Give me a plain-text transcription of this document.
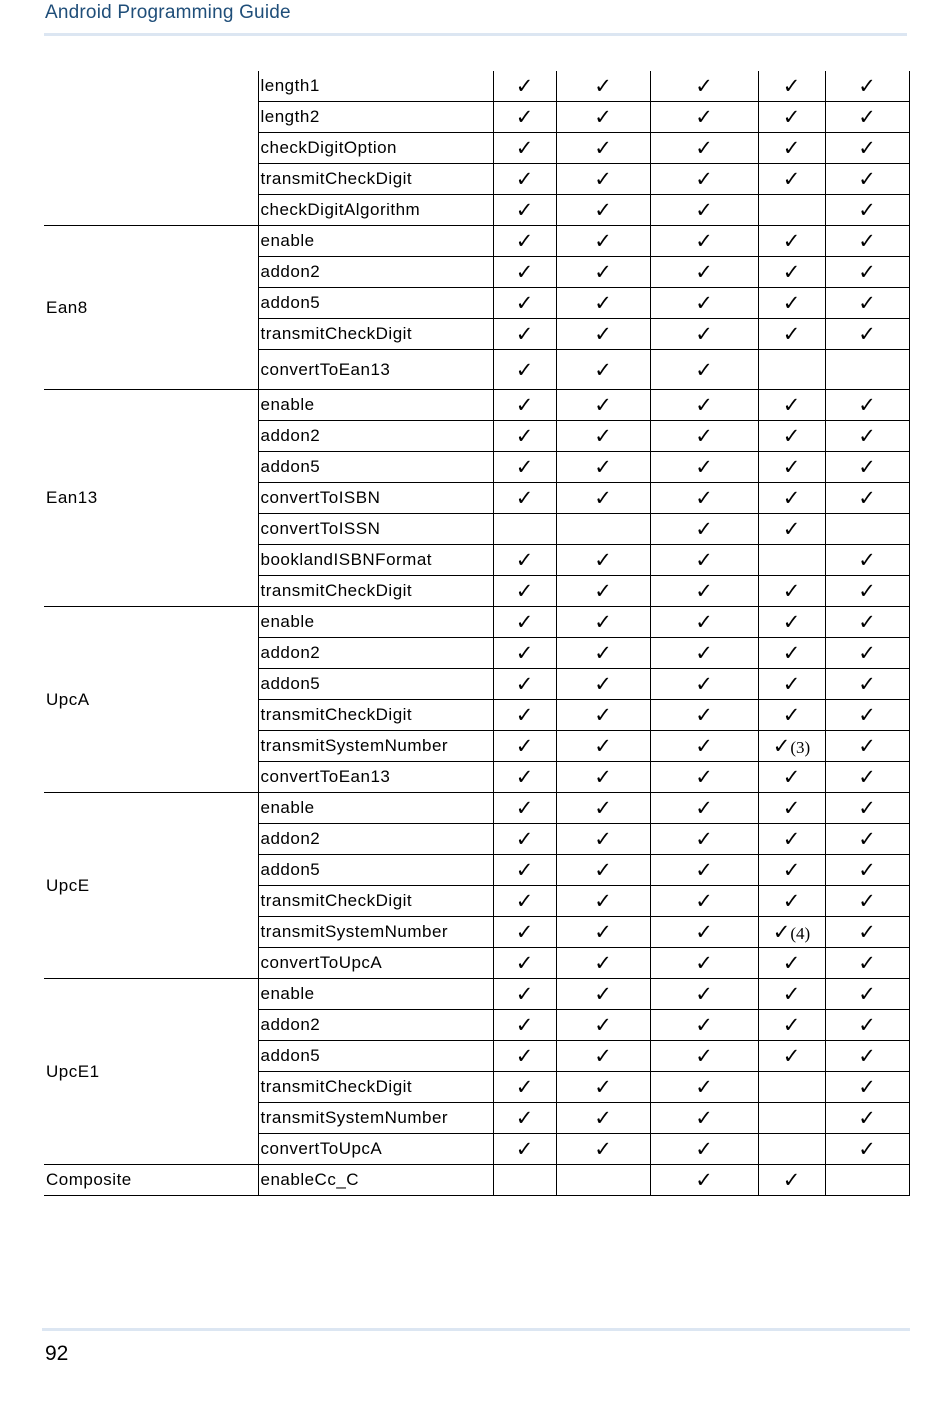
Android Programming Guide
	length1	✓	✓	✓	✓	✓
	length2	✓	✓	✓	✓	✓
	checkDigitOption	✓	✓	✓	✓	✓
	transmitCheckDigit	✓	✓	✓	✓	✓
	checkDigitAlgorithm	✓	✓	✓		✓
Ean8	enable	✓	✓	✓	✓	✓
	addon2	✓	✓	✓	✓	✓
	addon5	✓	✓	✓	✓	✓
	transmitCheckDigit	✓	✓	✓	✓	✓
	convertToEan13	✓	✓	✓		
Ean13	enable	✓	✓	✓	✓	✓
	addon2	✓	✓	✓	✓	✓
	addon5	✓	✓	✓	✓	✓
	convertToISBN	✓	✓	✓	✓	✓
	convertToISSN			✓	✓	
	booklandISBNFormat	✓	✓	✓		✓
	transmitCheckDigit	✓	✓	✓	✓	✓
UpcA	enable	✓	✓	✓	✓	✓
	addon2	✓	✓	✓	✓	✓
	addon5	✓	✓	✓	✓	✓
	transmitCheckDigit	✓	✓	✓	✓	✓
	transmitSystemNumber	✓	✓	✓	✓(3)	✓
	convertToEan13	✓	✓	✓	✓	✓
UpcE	enable	✓	✓	✓	✓	✓
	addon2	✓	✓	✓	✓	✓
	addon5	✓	✓	✓	✓	✓
	transmitCheckDigit	✓	✓	✓	✓	✓
	transmitSystemNumber	✓	✓	✓	✓(4)	✓
	convertToUpcA	✓	✓	✓	✓	✓
UpcE1	enable	✓	✓	✓	✓	✓
	addon2	✓	✓	✓	✓	✓
	addon5	✓	✓	✓	✓	✓
	transmitCheckDigit	✓	✓	✓		✓
	transmitSystemNumber	✓	✓	✓		✓
	convertToUpcA	✓	✓	✓		✓
Composite	enableCc_C			✓	✓	
92
